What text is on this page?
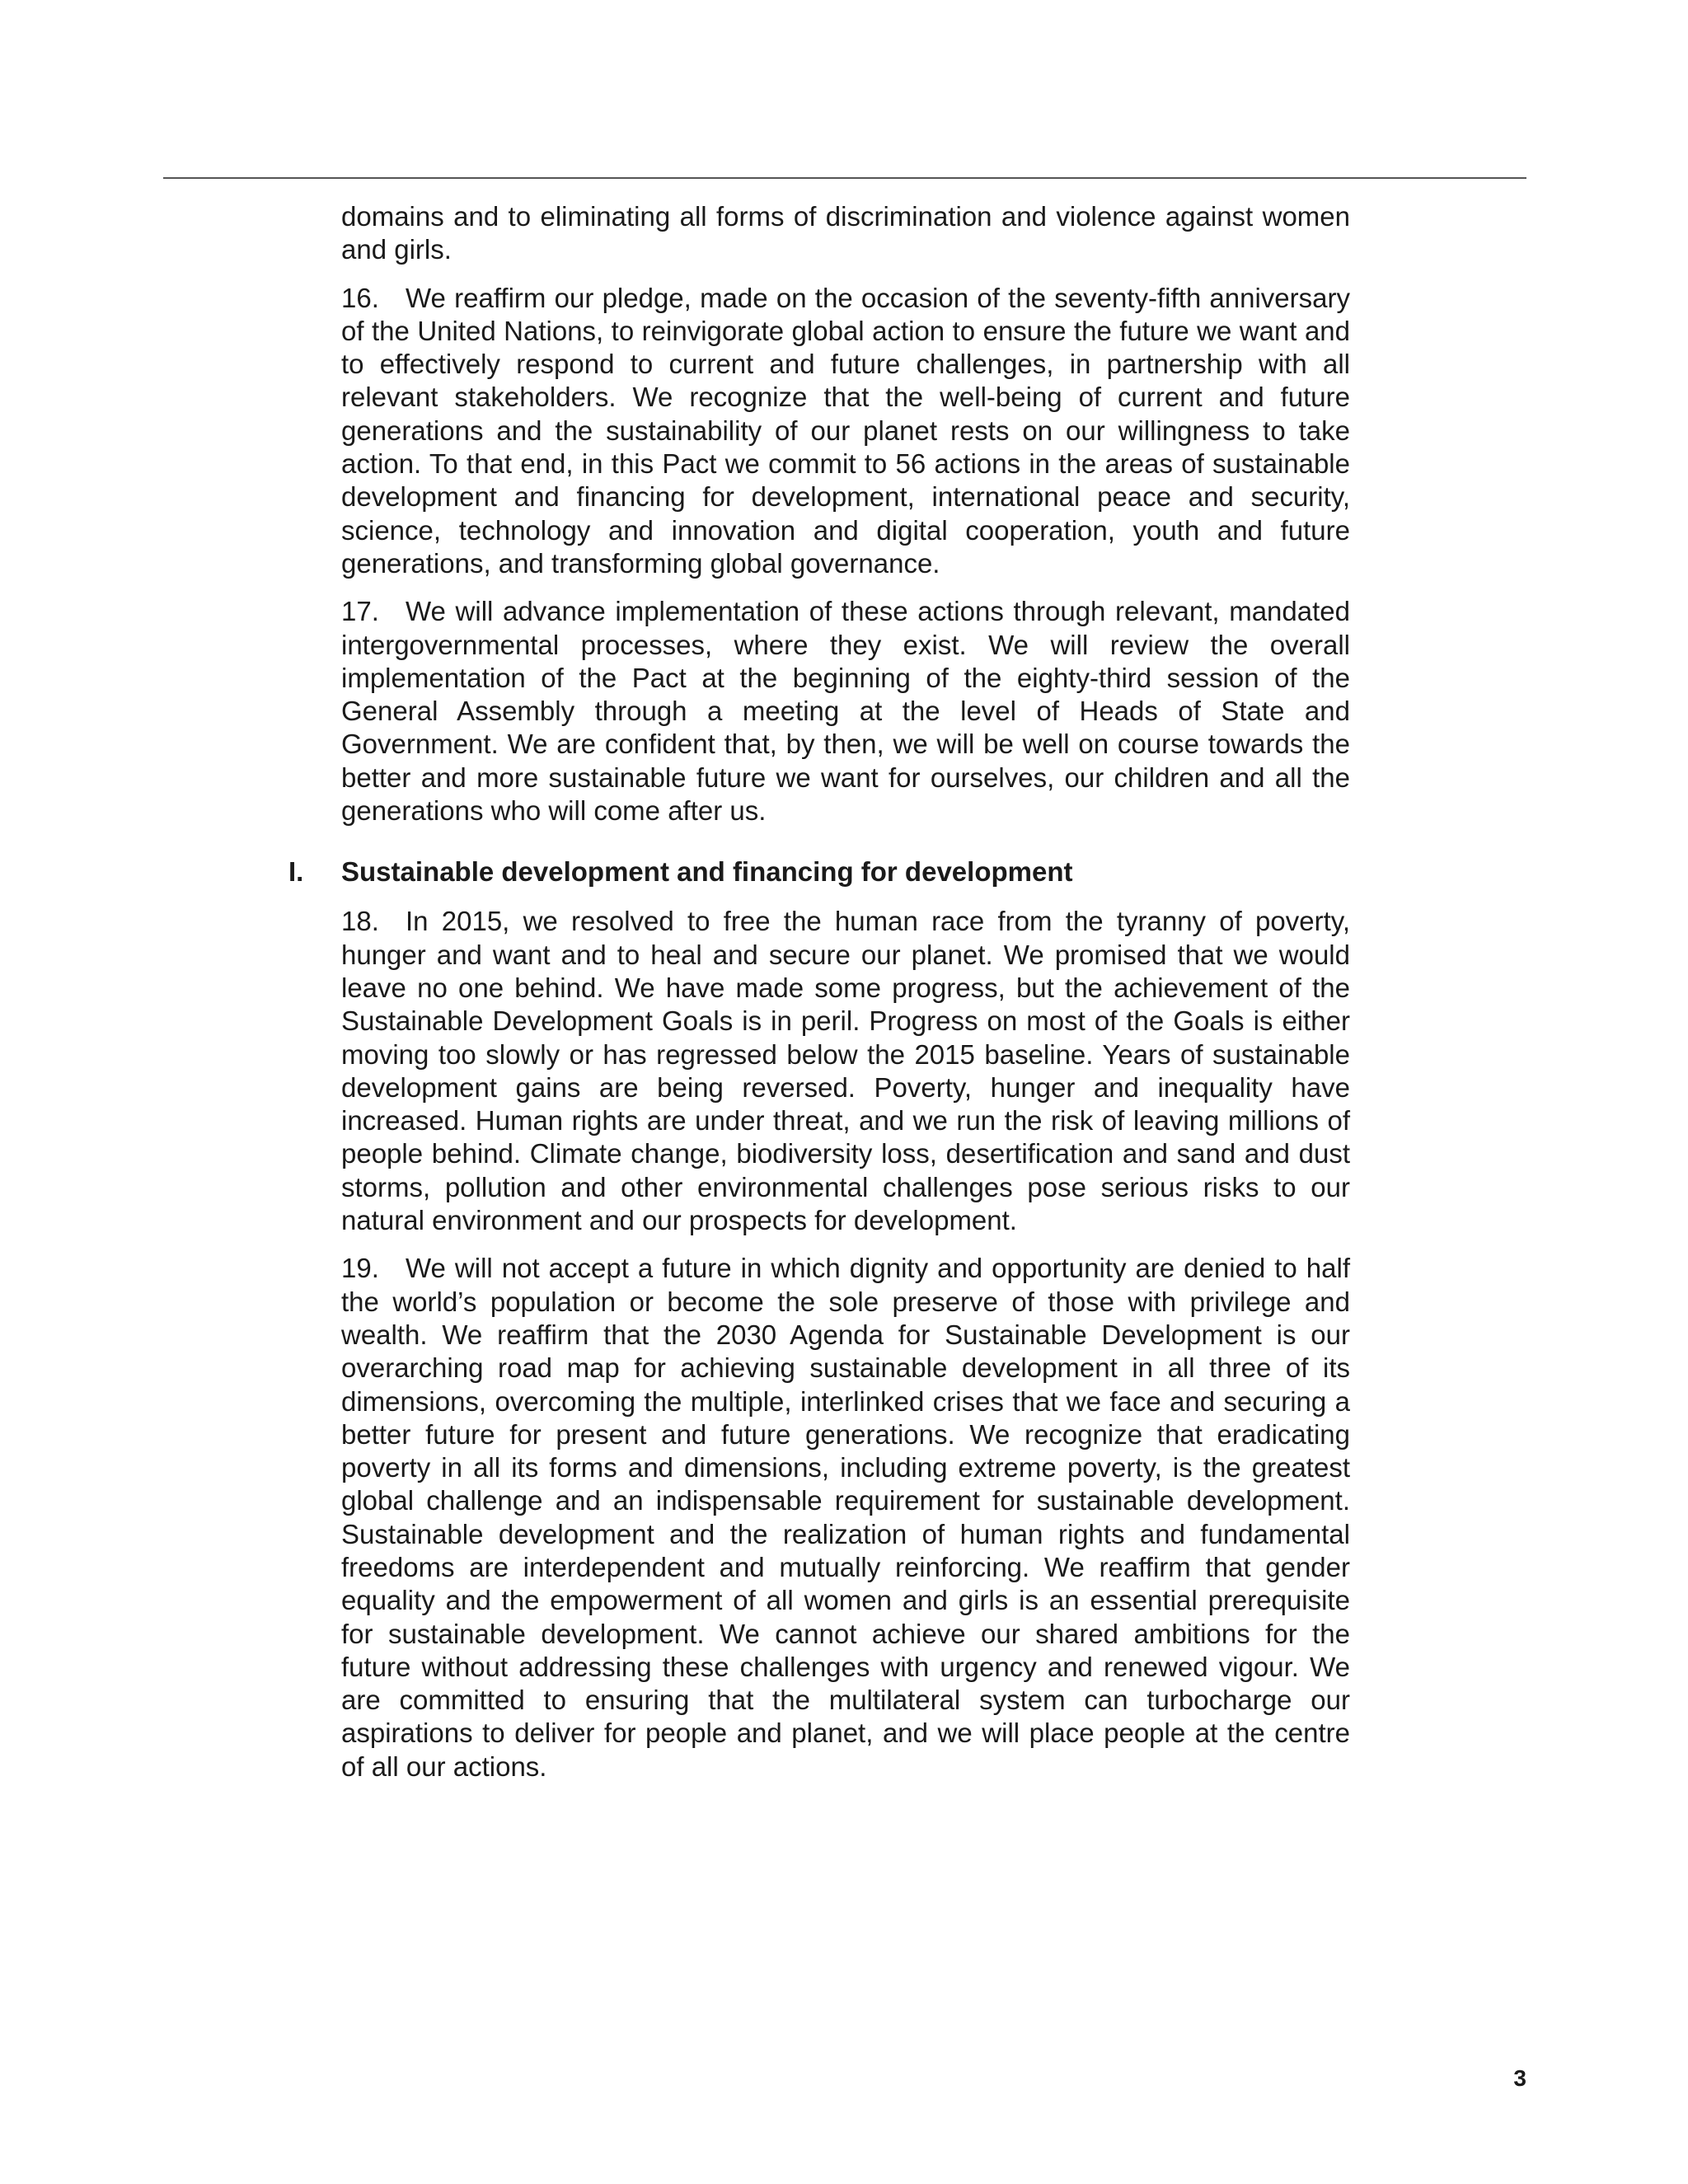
domains and to eliminating all forms of discrimination and violence against women and girls.

16. We reaffirm our pledge, made on the occasion of the seventy-fifth anniversary of the United Nations, to reinvigorate global action to ensure the future we want and to effectively respond to current and future challenges, in partnership with all relevant stakeholders. We recognize that the well-being of current and future generations and the sustainability of our planet rests on our willingness to take action. To that end, in this Pact we commit to 56 actions in the areas of sustainable development and financing for development, international peace and security, science, technology and innovation and digital cooperation, youth and future generations, and transforming global governance.

17. We will advance implementation of these actions through relevant, mandated intergovernmental processes, where they exist. We will review the overall implementation of the Pact at the beginning of the eighty-third session of the General Assembly through a meeting at the level of Heads of State and Government. We are confident that, by then, we will be well on course towards the better and more sustainable future we want for ourselves, our children and all the generations who will come after us.

I. Sustainable development and financing for development

18. In 2015, we resolved to free the human race from the tyranny of poverty, hunger and want and to heal and secure our planet. We promised that we would leave no one behind. We have made some progress, but the achievement of the Sustainable Development Goals is in peril. Progress on most of the Goals is either moving too slowly or has regressed below the 2015 baseline. Years of sustainable development gains are being reversed. Poverty, hunger and inequality have increased. Human rights are under threat, and we run the risk of leaving millions of people behind. Climate change, biodiversity loss, desertification and sand and dust storms, pollution and other environmental challenges pose serious risks to our natural environment and our prospects for development.

19. We will not accept a future in which dignity and opportunity are denied to half the world’s population or become the sole preserve of those with privilege and wealth. We reaffirm that the 2030 Agenda for Sustainable Development is our overarching road map for achieving sustainable development in all three of its dimensions, overcoming the multiple, interlinked crises that we face and securing a better future for present and future generations. We recognize that eradicating poverty in all its forms and dimensions, including extreme poverty, is the greatest global challenge and an indispensable requirement for sustainable development. Sustainable development and the realization of human rights and fundamental freedoms are interdependent and mutually reinforcing. We reaffirm that gender equality and the empowerment of all women and girls is an essential prerequisite for sustainable development. We cannot achieve our shared ambitions for the future without addressing these challenges with urgency and renewed vigour. We are committed to ensuring that the multilateral system can turbocharge our aspirations to deliver for people and planet, and we will place people at the centre of all our actions.

3
